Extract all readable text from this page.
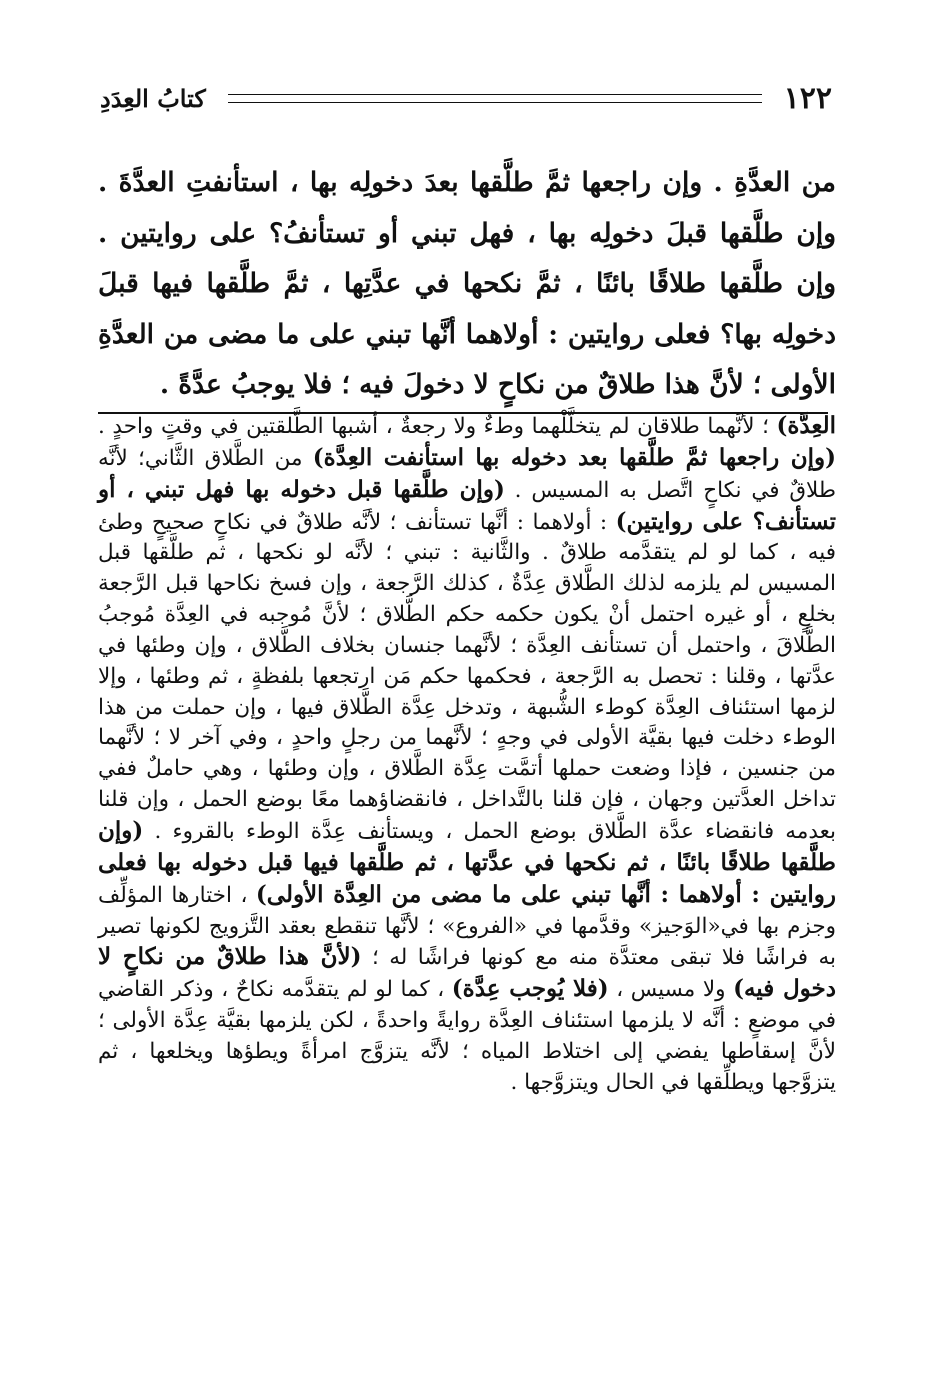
١٢٢
كتابُ العِدَدِ
من العدَّةِ . وإن راجعها ثمَّ طلَّقها بعدَ دخولِه بها ، استأنفتِ العدَّةَ . وإن طلَّقها قبلَ دخولِه بها ، فهل تبني أو تستأنفُ؟ على روايتين . وإن طلَّقها طلاقًا بائنًا ، ثمَّ نكحها في عدَّتِها ، ثمَّ طلَّقها فيها قبلَ دخولِه بها؟ فعلى روايتين : أولاهما أنَّها تبني على ما مضى من العدَّةِ الأولى ؛ لأنَّ هذا طلاقٌ من نكاحٍ لا دخولَ فيه ؛ فلا يوجبُ عدَّةً .

العِدَّة) ؛ لأنَّهما طلاقان لم يتخلَّلْهما وطءٌ ولا رجعةٌ ، أشبها الطَّلقتين في وقتٍ واحدٍ . (وإن راجعها ثمَّ طلَّقها بعد دخوله بها استأنفت العِدَّة) من الطَّلاق الثَّاني؛ لأنَّه طلاقٌ في نكاحٍ اتَّصل به المسيس . (وإن طلَّقها قبل دخوله بها فهل تبني ، أو تستأنف؟ على روايتين) : أولاهما : أنَّها تستأنف ؛ لأنَّه طلاقٌ في نكاحٍ صحيحٍ وطئ فيه ، كما لو لم يتقدَّمه طلاقٌ . والثَّانية : تبني ؛ لأنَّه لو نكحها ، ثم طلَّقها قبل المسيس لم يلزمه لذلك الطَّلاق عِدَّةٌ ، كذلك الرَّجعة ، وإن فسخ نكاحها قبل الرَّجعة بخلعٍ ، أو غيره احتمل أنْ يكون حكمه حكم الطَّلاق ؛ لأنَّ مُوجبه في العِدَّة مُوجبُ الطَّلاقَ ، واحتمل أن تستأنف العِدَّة ؛ لأنَّهما جنسان بخلاف الطَّلاق ، وإن وطئها في عدَّتها ، وقلنا : تحصل به الرَّجعة ، فحكمها حكم مَن ارتجعها بلفظةٍ ، ثم وطئها ، وإلا لزمها استئناف العِدَّة كوطء الشُّبهة ، وتدخل عِدَّة الطَّلاق فيها ، وإن حملت من هذا الوطء دخلت فيها بقيَّة الأولى في وجهٍ ؛ لأنَّهما من رجلٍ واحدٍ ، وفي آخر لا ؛ لأنَّهما من جنسين ، فإذا وضعت حملها أتمَّت عِدَّة الطَّلاق ، وإن وطئها ، وهي حاملٌ ففي تداخل العدَّتين وجهان ، فإن قلنا بالتَّداخل ، فانقضاؤهما معًا بوضع الحمل ، وإن قلنا بعدمه فانقضاء عدَّة الطَّلاق بوضع الحمل ، ويستأنف عِدَّة الوطء بالقروء . (وإن طلَّقها طلاقًا بائنًا ، ثم نكحها في عدَّتها ، ثم طلَّقها فيها قبل دخوله بها فعلى روايتين : أولاهما : أنَّها تبني على ما مضى من العِدَّة الأولى) ، اختارها المؤلِّف وجزم بها في«الوَجيز» وقدَّمها في «الفروع» ؛ لأنَّها تنقطع بعقد التَّزويج لكونها تصير به فراشًا فلا تبقى معتدَّة منه مع كونها فراشًا له ؛ (لأنَّ هذا طلاقٌ من نكاحٍ لا دخول فيه) ولا مسيس ، (فلا يُوجب عِدَّة) ، كما لو لم يتقدَّمه نكاحٌ ، وذكر القاضي في موضعٍ : أنَّه لا يلزمها استئناف العِدَّة روايةً واحدةً ، لكن يلزمها بقيَّة عِدَّة الأولى ؛ لأنَّ إسقاطها يفضي إلى اختلاط المياه ؛ لأنَّه يتزوَّج امرأةً ويطؤها ويخلعها ، ثم يتزوَّجها ويطلِّقها في الحال ويتزوَّجها .
